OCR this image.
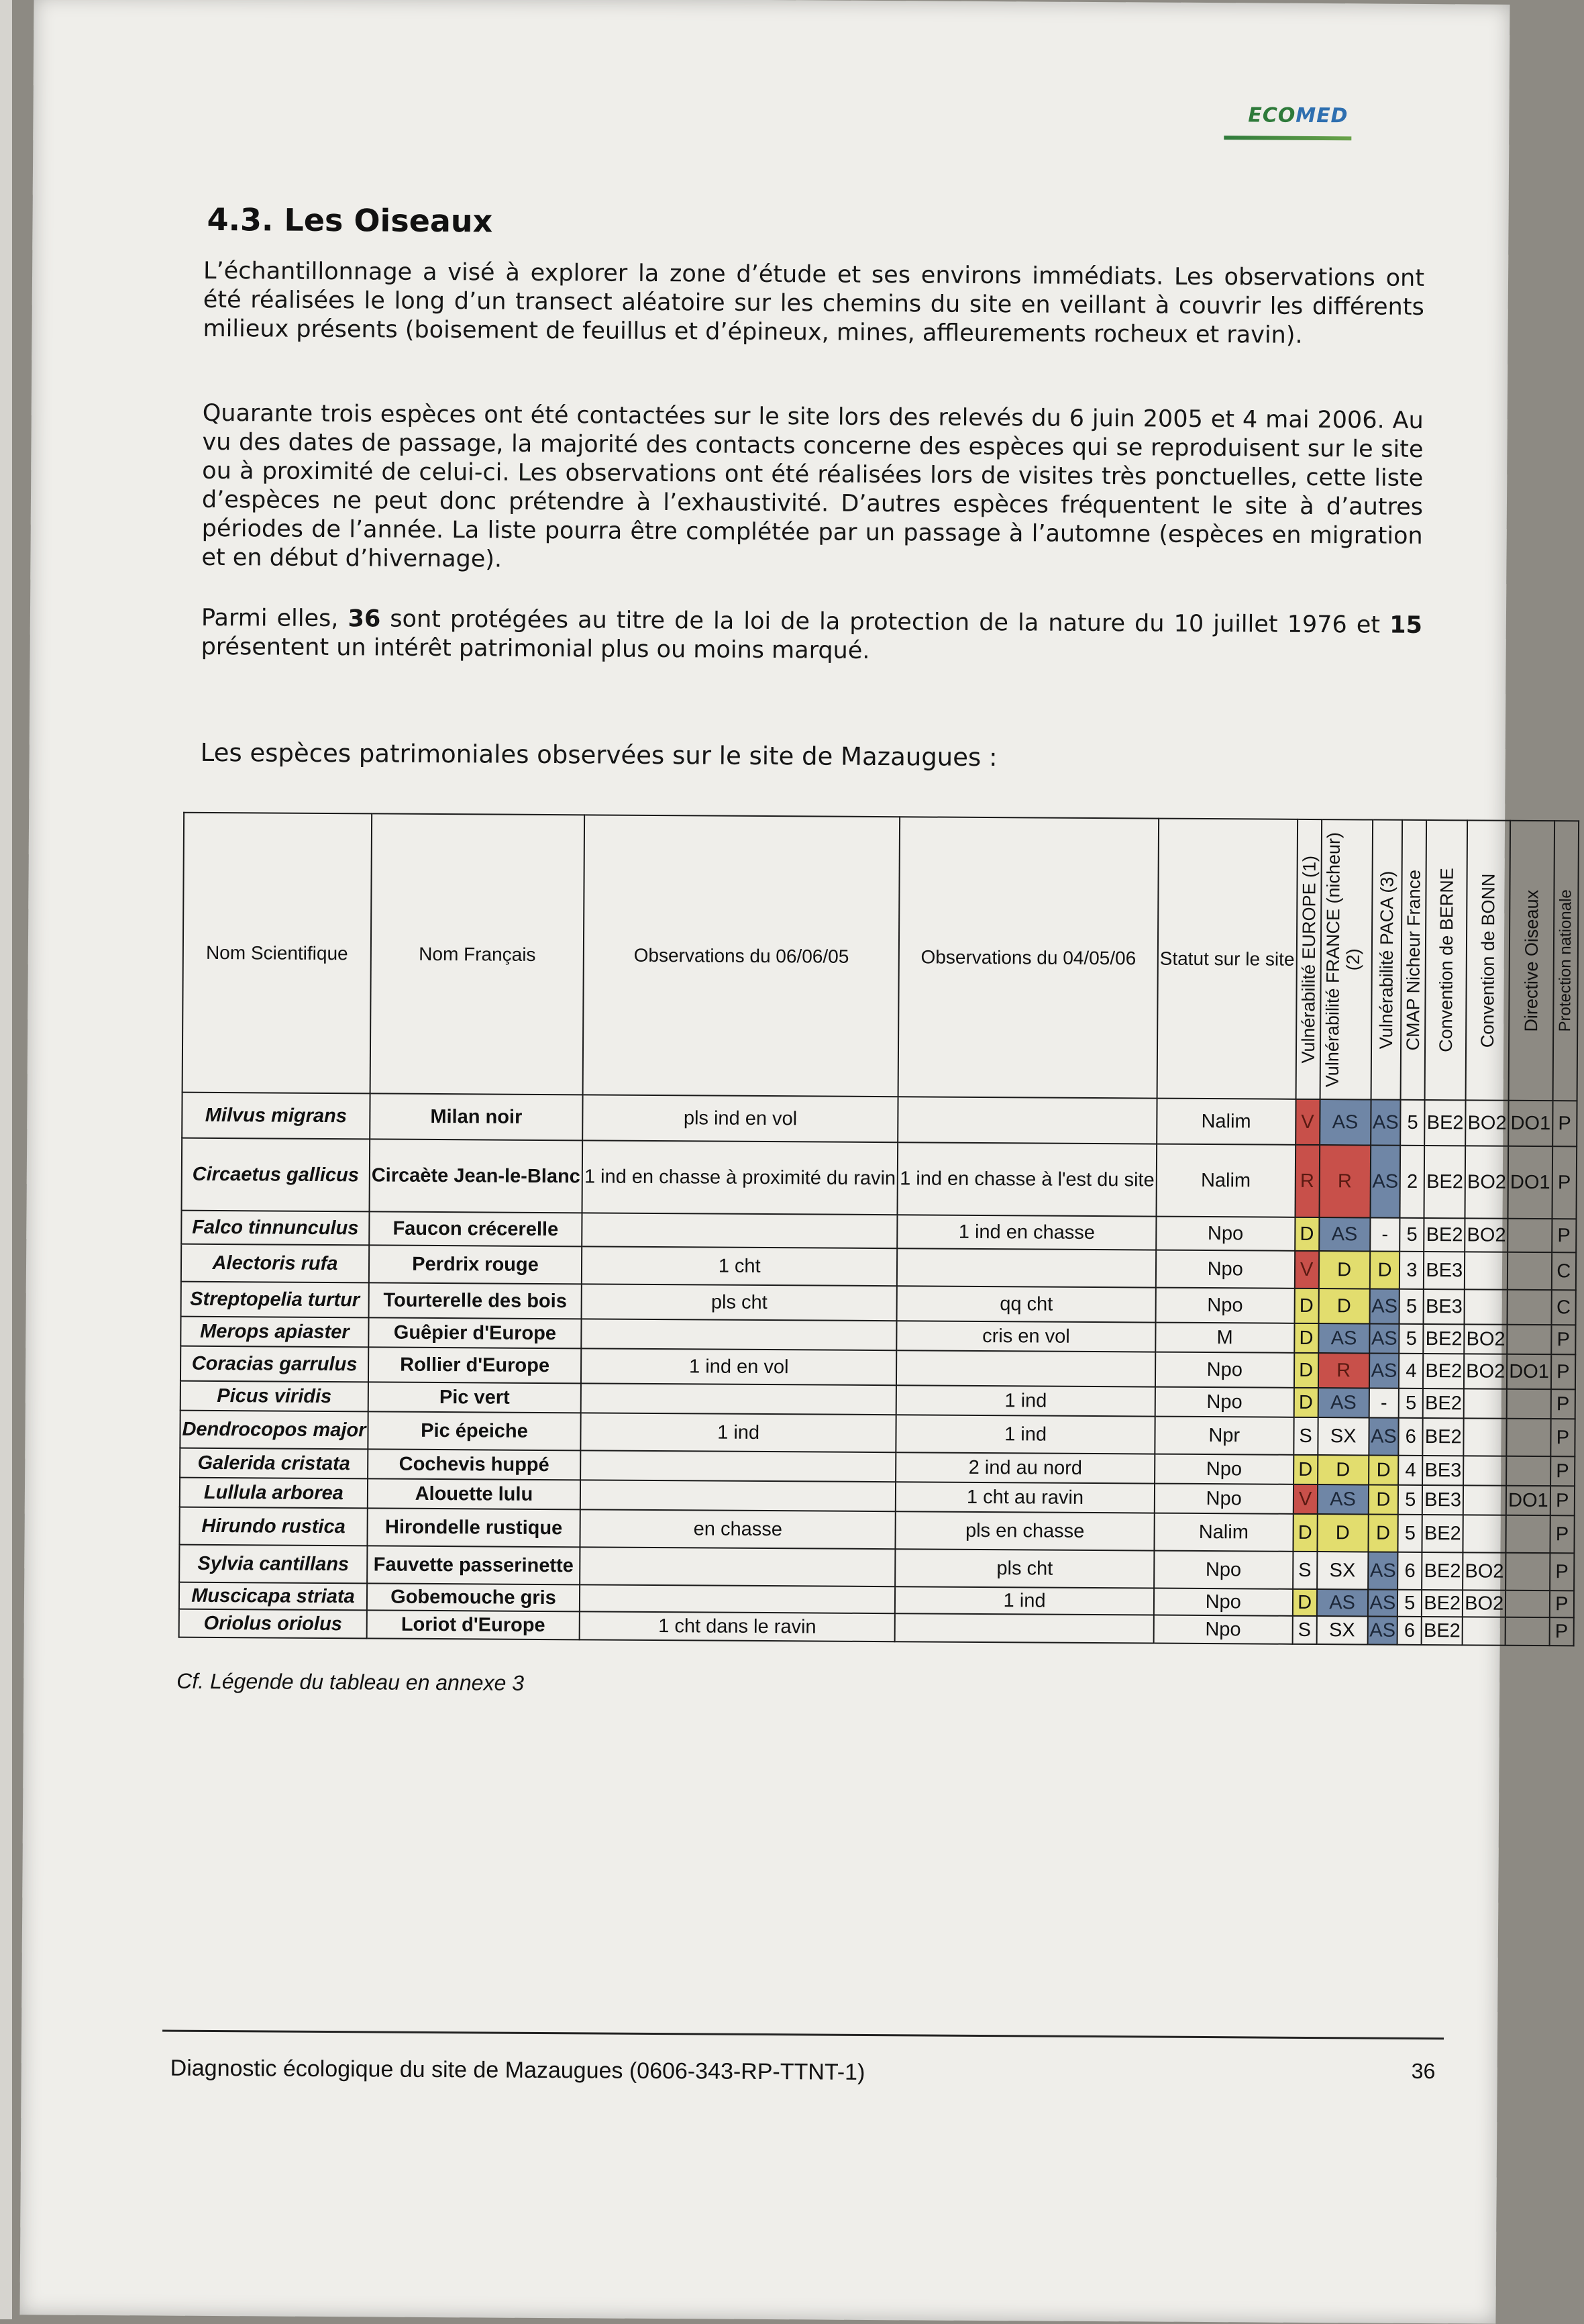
ECOMED
4.3. Les Oiseaux
L’échantillonnage a visé à explorer la zone d’étude et ses environs immédiats. Les observations ont été réalisées le long d’un transect aléatoire sur les chemins du site en veillant à couvrir les différents milieux présents (boisement de feuillus et d’épineux, mines, affleurements rocheux et ravin).
Quarante trois espèces ont été contactées sur le site lors des relevés du 6 juin 2005 et 4 mai 2006. Au vu des dates de passage, la majorité des contacts concerne des espèces qui se reproduisent sur le site ou à proximité de celui-ci. Les observations ont été réalisées lors de visites très ponctuelles, cette liste d’espèces ne peut donc prétendre à l’exhaustivité. D’autres espèces fréquentent le site à d’autres périodes de l’année. La liste pourra être complétée par un passage à l’automne (espèces en migration et en début d’hivernage).
Parmi elles, 36 sont protégées au titre de la loi de la protection de la nature du 10 juillet 1976 et 15 présentent un intérêt patrimonial plus ou moins marqué.
Les espèces patrimoniales observées sur le site de Mazaugues :
Nom Scientifique	Nom Français	Observations du 06/06/05	Observations du 04/05/06	Statut sur le site	Vulnérabilité EUROPE (1)	Vulnérabilité FRANCE (nicheur) (2)	Vulnérabilité PACA (3)	CMAP Nicheur France	Convention de BERNE	Convention de BONN	Directive Oiseaux	Protection nationale

Milvus migrans	Milan noir	pls ind en vol		Nalim	V	AS	AS	5	BE2	BO2	DO1	P
Circaetus gallicus	Circaète Jean-le-Blanc	1 ind en chasse à proximité du ravin	1 ind en chasse à l'est du site	Nalim	R	R	AS	2	BE2	BO2	DO1	P
Falco tinnunculus	Faucon crécerelle		1 ind en chasse	Npo	D	AS	-	5	BE2	BO2		P
Alectoris rufa	Perdrix rouge	1 cht		Npo	V	D	D	3	BE3			C
Streptopelia turtur	Tourterelle des bois	pls cht	qq cht	Npo	D	D	AS	5	BE3			C
Merops apiaster	Guêpier d'Europe		cris en vol	M	D	AS	AS	5	BE2	BO2		P
Coracias garrulus	Rollier d'Europe	1 ind en vol		Npo	D	R	AS	4	BE2	BO2	DO1	P
Picus viridis	Pic vert		1 ind	Npo	D	AS	-	5	BE2			P
Dendrocopos major	Pic épeiche	1 ind	1 ind	Npr	S	SX	AS	6	BE2			P
Galerida cristata	Cochevis huppé		2 ind au nord	Npo	D	D	D	4	BE3			P
Lullula arborea	Alouette lulu		1 cht au ravin	Npo	V	AS	D	5	BE3		DO1	P
Hirundo rustica	Hirondelle rustique	en chasse	pls en chasse	Nalim	D	D	D	5	BE2			P
Sylvia cantillans	Fauvette passerinette		pls cht	Npo	S	SX	AS	6	BE2	BO2		P
Muscicapa striata	Gobemouche gris		1 ind	Npo	D	AS	AS	5	BE2	BO2		P
Oriolus oriolus	Loriot d'Europe	1 cht dans le ravin		Npo	S	SX	AS	6	BE2			P
Cf. Légende du tableau en annexe 3
Diagnostic écologique du site de Mazaugues (0606-343-RP-TTNT-1)	36
